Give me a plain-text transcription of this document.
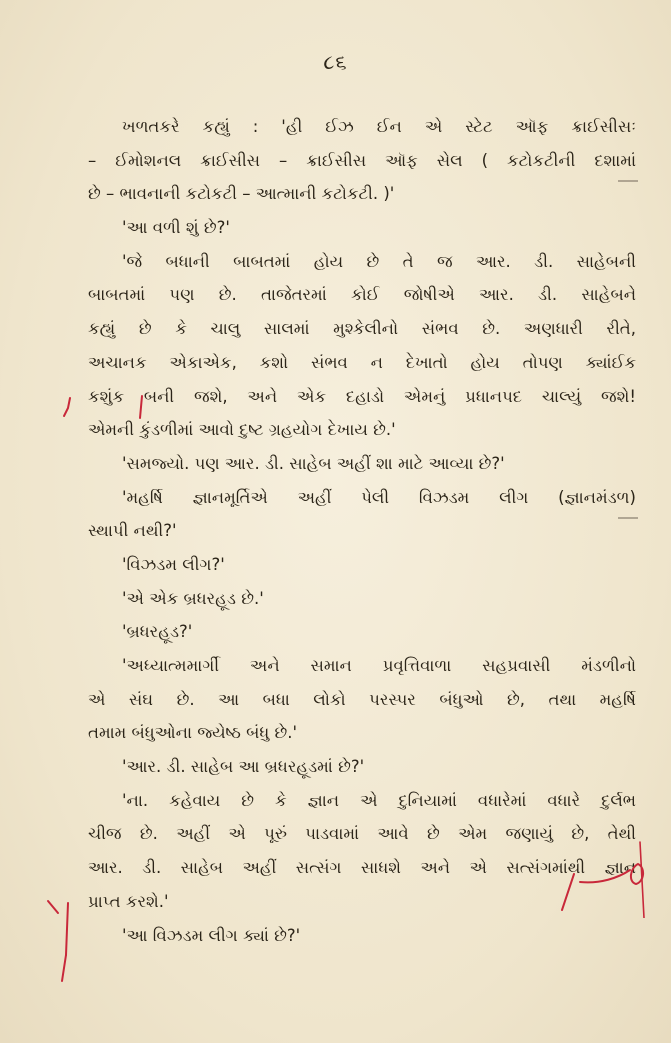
૮૬
ખળતકરે કહ્યું : 'હી ઈઝ ઈન એ સ્ટેટ ઑફ ક્રાઈસીસઃ
– ઈમોશનલ ક્રાઈસીસ – ક્રાઈસીસ ઑફ સેલ ( કટોકટીની દશામાં
છે – ભાવનાની કટોકટી – આત્માની કટોકટી. )'
'આ વળી શું છે?'
'જે બધાની બાબતમાં હોય છે તે જ આર. ડી. સાહેબની
બાબતમાં પણ છે. તાજેતરમાં કોઈ જોષીએ આર. ડી. સાહેબને
કહ્યું છે કે ચાલુ સાલમાં મુશ્કેલીનો સંભવ છે. અણધારી રીતે,
અચાનક એકાએક, કશો સંભવ ન દેખાતો હોય તોપણ ક્યાંઈક
કશુંક બની જશે, અને એક દહાડો એમનું પ્રધાનપદ ચાલ્યું જશે!
એમની કુંડળીમાં આવો દુષ્ટ ગ્રહયોગ દેખાય છે.'
'સમજ્યો. પણ આર. ડી. સાહેબ અહીં શા માટે આવ્યા છે?'
'મહર્ષિ જ્ઞાનમૂર્તિએ અહીં પેલી વિઝડમ લીગ (જ્ઞાનમંડળ)
સ્થાપી નથી?'
'વિઝડમ લીગ?'
'એ એક બ્રધરહૂડ છે.'
'બ્રધરહૂડ?'
'અધ્યાત્મમાર્ગી અને સમાન પ્રવૃત્તિવાળા સહપ્રવાસી મંડળીનો
એ સંઘ છે. આ બધા લોકો પરસ્પર બંધુઓ છે, તથા મહર્ષિ
તમામ બંધુઓના જ્યેષ્ઠ બંધુ છે.'
'આર. ડી. સાહેબ આ બ્રધરહૂડમાં છે?'
'ના. કહેવાય છે કે જ્ઞાન એ દુનિયામાં વધારેમાં વધારે દુર્લભ
ચીજ છે. અહીં એ પૂરું પાડવામાં આવે છે એમ જણાયું છે, તેથી
આર. ડી. સાહેબ અહીં સત્સંગ સાધશે અને એ સત્સંગમાંથી જ્ઞાન
પ્રાપ્ત કરશે.'
'આ વિઝડમ લીગ ક્યાં છે?'
